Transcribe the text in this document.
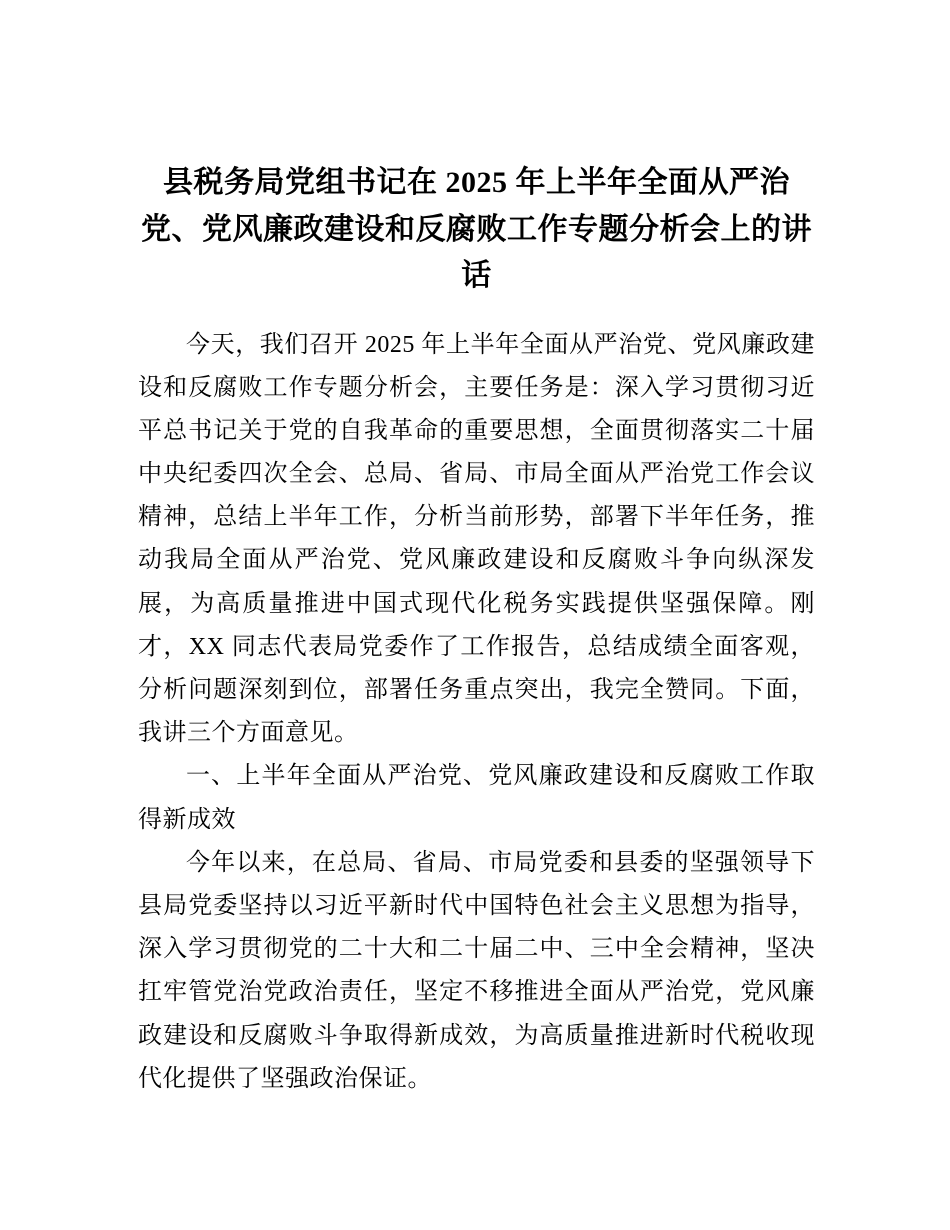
县税务局党组书记在 2025 年上半年全面从严治党、党风廉政建设和反腐败工作专题分析会上的讲话

今天，我们召开 2025 年上半年全面从严治党、党风廉政建设和反腐败工作专题分析会，主要任务是：深入学习贯彻习近平总书记关于党的自我革命的重要思想，全面贯彻落实二十届中央纪委四次全会、总局、省局、市局全面从严治党工作会议精神，总结上半年工作，分析当前形势，部署下半年任务，推动我局全面从严治党、党风廉政建设和反腐败斗争向纵深发展，为高质量推进中国式现代化税务实践提供坚强保障。刚才，XX 同志代表局党委作了工作报告，总结成绩全面客观，分析问题深刻到位，部署任务重点突出，我完全赞同。下面，我讲三个方面意见。

一、上半年全面从严治党、党风廉政建设和反腐败工作取得新成效

今年以来，在总局、省局、市局党委和县委的坚强领导下县局党委坚持以习近平新时代中国特色社会主义思想为指导，深入学习贯彻党的二十大和二十届二中、三中全会精神，坚决扛牢管党治党政治责任，坚定不移推进全面从严治党，党风廉政建设和反腐败斗争取得新成效，为高质量推进新时代税收现代化提供了坚强政治保证。
